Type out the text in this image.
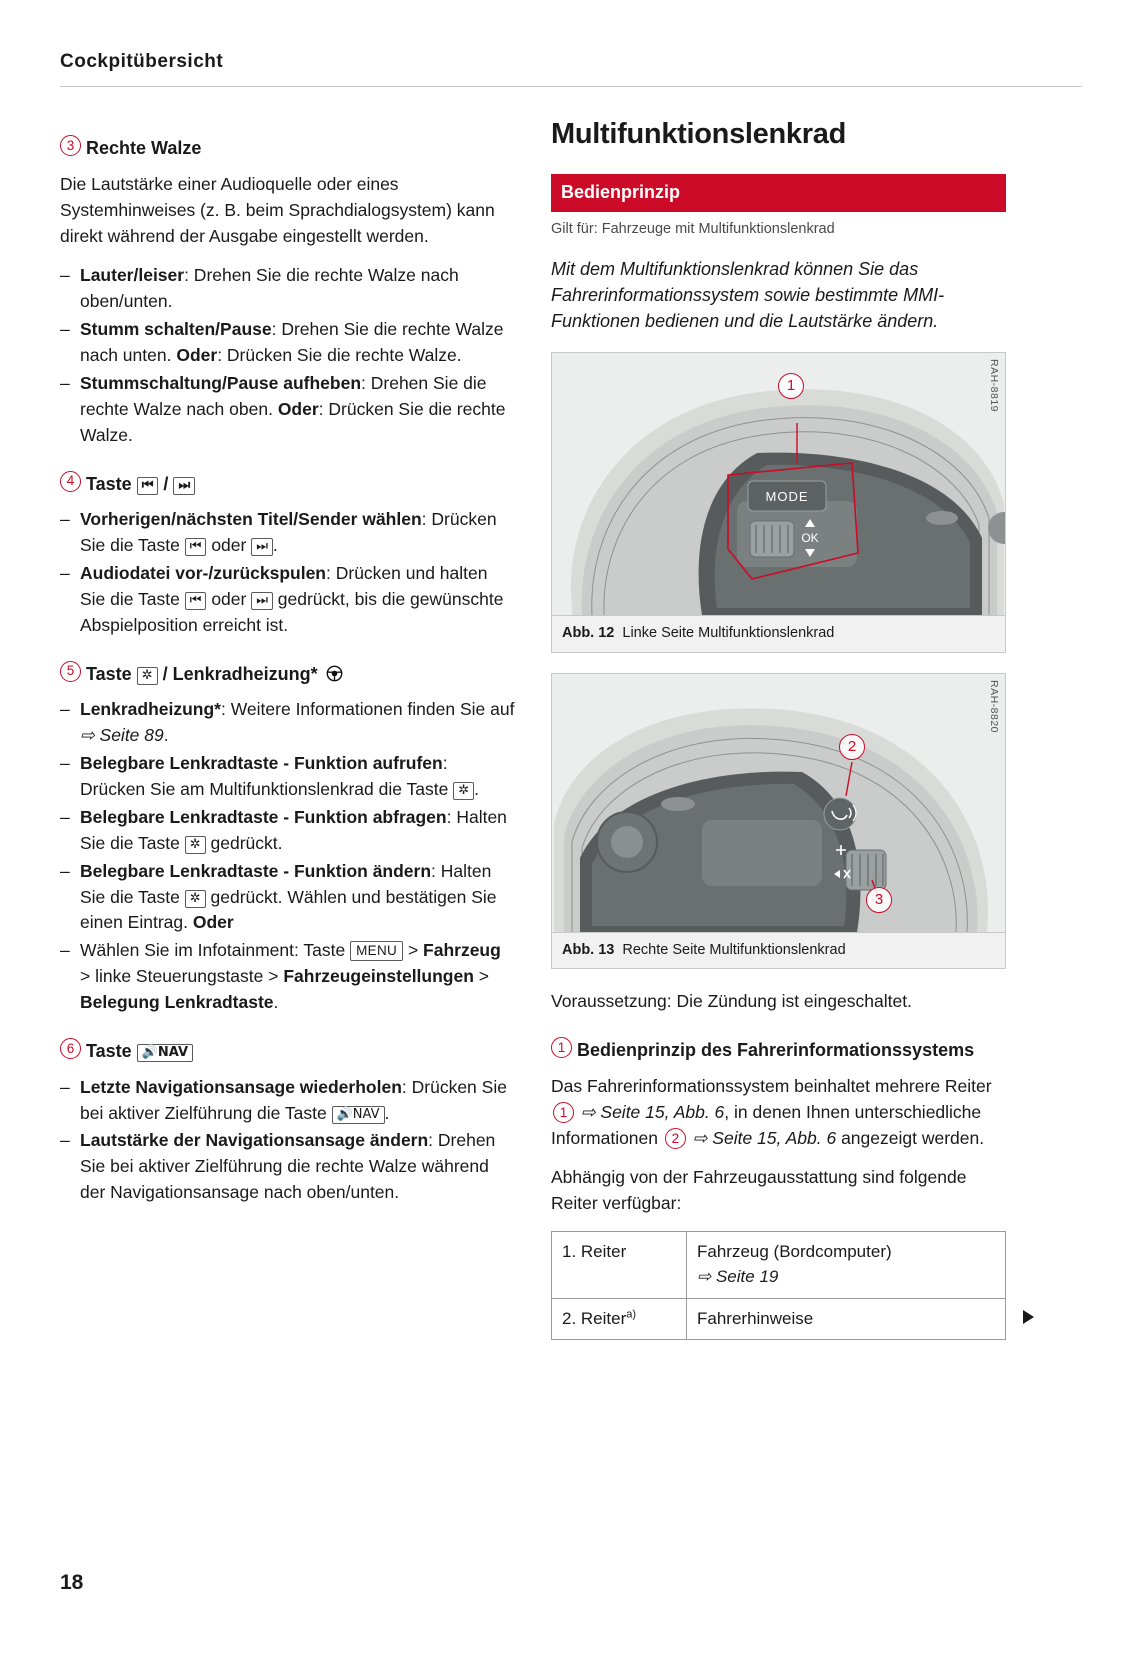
Cockpitübersicht
3 Rechte Walze

Die Lautstärke einer Audioquelle oder eines Systemhinweises (z. B. beim Sprachdialogsystem) kann direkt während der Ausgabe eingestellt werden.

– Lauter/leiser: Drehen Sie die rechte Walze nach oben/unten.
– Stumm schalten/Pause: Drehen Sie die rechte Walze nach unten. Oder: Drücken Sie die rechte Walze.
– Stummschaltung/Pause aufheben: Drehen Sie die rechte Walze nach oben. Oder: Drücken Sie die rechte Walze.
4 Taste ⏮ / ⏭
– Vorherigen/nächsten Titel/Sender wählen: Drücken Sie die Taste ⏮ oder ⏭ .
– Audiodatei vor-/zurückspulen: Drücken und halten Sie die Taste ⏮ oder ⏭ gedrückt, bis die gewünschte Abspielposition erreicht ist.
5 Taste ✲ / Lenkradheizung*
– Lenkradheizung*: Weitere Informationen finden Sie auf ⇨ Seite 89.
– Belegbare Lenkradtaste - Funktion aufrufen: Drücken Sie am Multifunktionslenkrad die Taste ✲ .
– Belegbare Lenkradtaste - Funktion abfragen: Halten Sie die Taste ✲ gedrückt.
– Belegbare Lenkradtaste - Funktion ändern: Halten Sie die Taste ✲ gedrückt. Wählen und bestätigen Sie einen Eintrag. Oder
– Wählen Sie im Infotainment: Taste MENU > Fahrzeug > linke Steuerungstaste > Fahrzeugeinstellungen > Belegung Lenkradtaste.
6 Taste 🔊NAV
– Letzte Navigationsansage wiederholen: Drücken Sie bei aktiver Zielführung die Taste 🔊NAV .
– Lautstärke der Navigationsansage ändern: Drehen Sie bei aktiver Zielführung die rechte Walze während der Navigationsansage nach oben/unten.
Multifunktionslenkrad
Bedienprinzip
Gilt für: Fahrzeuge mit Multifunktionslenkrad
Mit dem Multifunktionslenkrad können Sie das Fahrerinformationssystem sowie bestimmte MMI-Funktionen bedienen und die Lautstärke ändern.
MODE
OK
1	RAH-8819
Abb. 12 Linke Seite Multifunktionslenkrad
2
3
RAH-8820
Abb. 13 Rechte Seite Multifunktionslenkrad

Voraussetzung: Die Zündung ist eingeschaltet.

1 Bedienprinzip des Fahrerinformationssystems

Das Fahrerinformationssystem beinhaltet mehrere Reiter 1 ⇨ Seite 15, Abb. 6, in denen Ihnen unterschiedliche Informationen 2 ⇨ Seite 15, Abb. 6 angezeigt werden.

Abhängig von der Fahrzeugausstattung sind folgende Reiter verfügbar:

1. Reiter	Fahrzeug (Bordcomputer)
⇨ Seite 19

2. Reiter$^{a)}$	Fahrerhinweise
18
